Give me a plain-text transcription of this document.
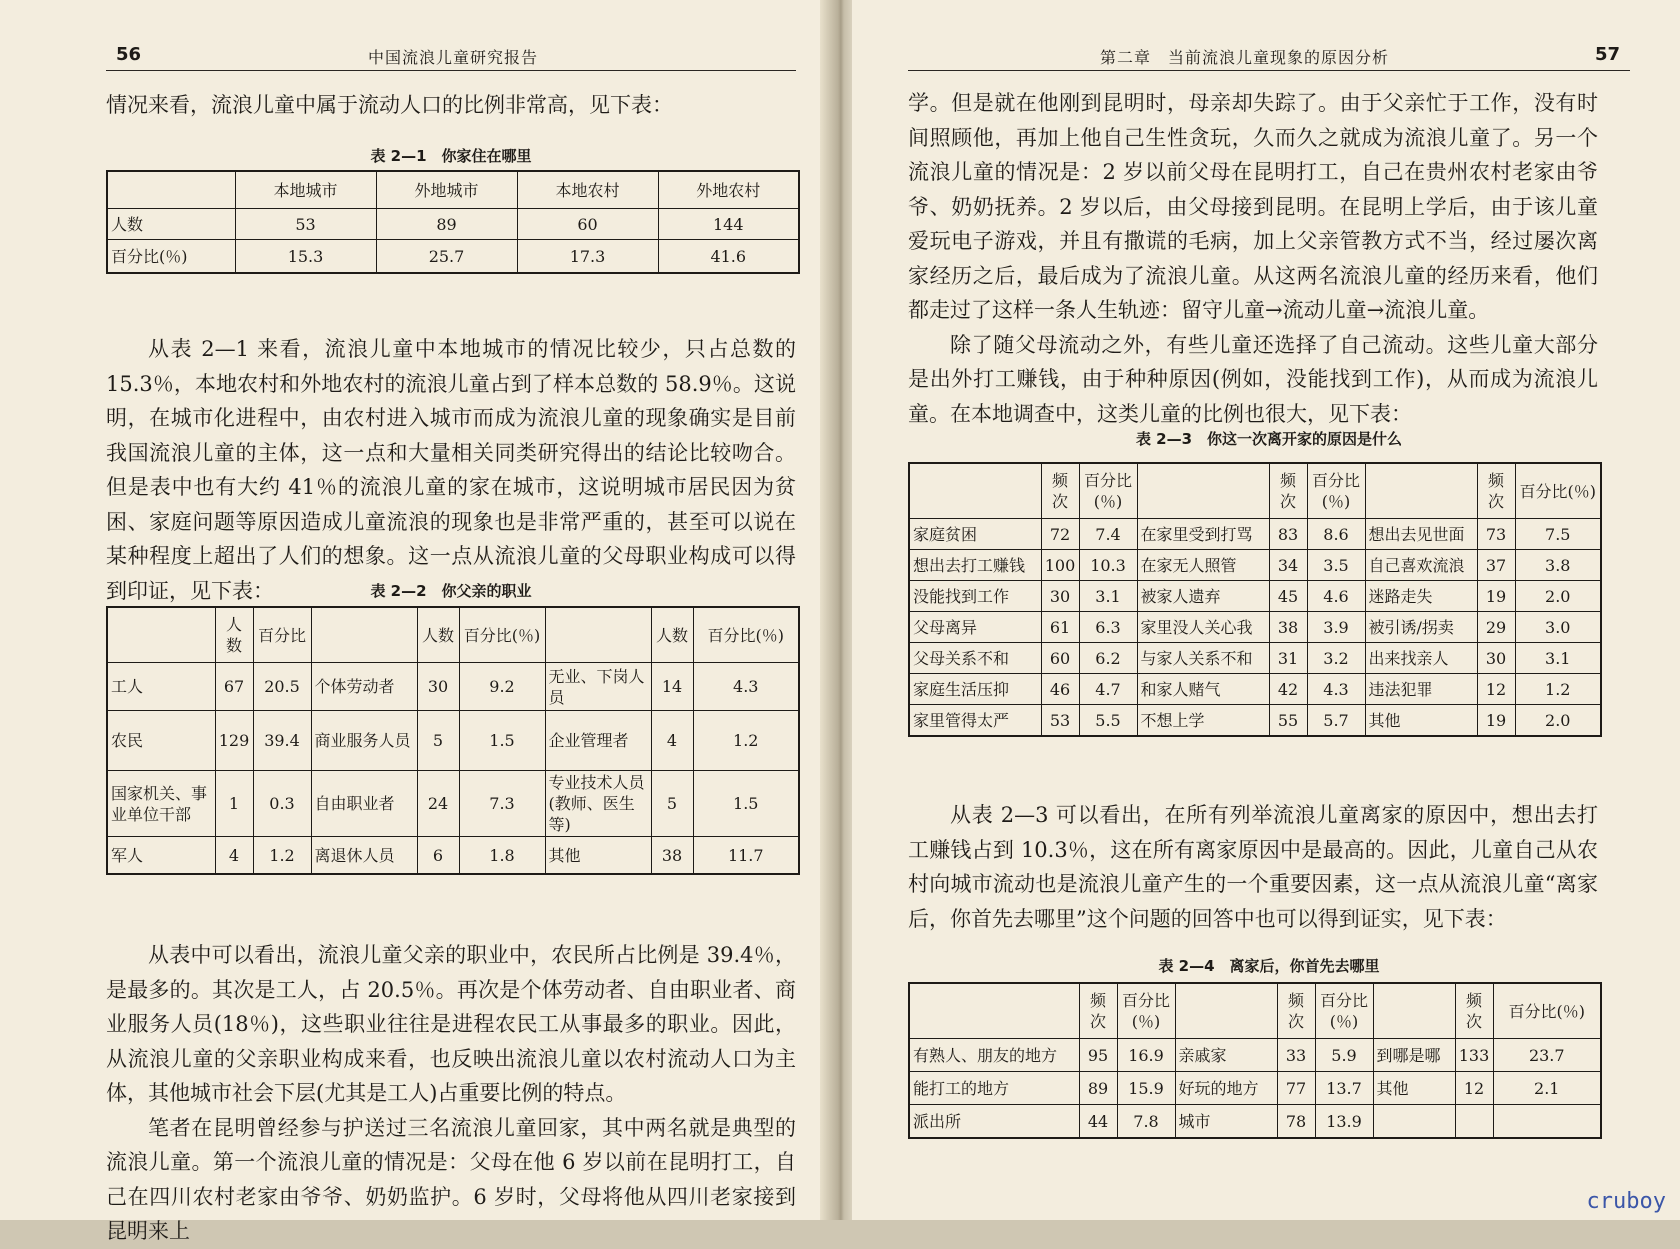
56	中国流浪儿童研究报告

情况来看，流浪儿童中属于流动人口的比例非常高，见下表：

表 2—1　你家住在哪里
	本地城市	外地城市	本地农村	外地农村
人数	53	89	60	144
百分比(％)	15.3	25.7	17.3	41.6

从表 2—1 来看，流浪儿童中本地城市的情况比较少，只占总数的 15.3％，本地农村和外地农村的流浪儿童占到了样本总数的 58.9％。这说明，在城市化进程中，由农村进入城市而成为流浪儿童的现象确实是目前我国流浪儿童的主体，这一点和大量相关同类研究得出的结论比较吻合。但是表中也有大约 41％的流浪儿童的家在城市，这说明城市居民因为贫困、家庭问题等原因造成儿童流浪的现象也是非常严重的，甚至可以说在某种程度上超出了人们的想象。这一点从流浪儿童的父母职业构成可以得到印证，见下表：	表 2—2　你父亲的职业
	人数	百分比		人数	百分比(％)		人数	百分比(％)
工人	67	20.5	个体劳动者	30	9.2	无业、下岗人员	14	4.3
农民	129	39.4	商业服务人员	5	1.5	企业管理者	4	1.2
国家机关、事业单位干部	1	0.3	自由职业者	24	7.3	专业技术人员(教师、医生等)	5	1.5
军人	4	1.2	离退休人员	6	1.8	其他	38	11.7

从表中可以看出，流浪儿童父亲的职业中，农民所占比例是 39.4％，是最多的。其次是工人，占 20.5％。再次是个体劳动者、自由职业者、商业服务人员(18％)，这些职业往往是进程农民工从事最多的职业。因此，从流浪儿童的父亲职业构成来看，也反映出流浪儿童以农村流动人口为主体，其他城市社会下层(尤其是工人)占重要比例的特点。

笔者在昆明曾经参与护送过三名流浪儿童回家，其中两名就是典型的流浪儿童。第一个流浪儿童的情况是：父母在他 6 岁以前在昆明打工，自己在四川农村老家由爷爷、奶奶监护。6 岁时，父母将他从四川老家接到昆明来上

第二章　当前流浪儿童现象的原因分析	57

学。但是就在他刚到昆明时，母亲却失踪了。由于父亲忙于工作，没有时间照顾他，再加上他自己生性贪玩，久而久之就成为流浪儿童了。另一个流浪儿童的情况是：2 岁以前父母在昆明打工，自己在贵州农村老家由爷爷、奶奶抚养。2 岁以后，由父母接到昆明。在昆明上学后，由于该儿童爱玩电子游戏，并且有撒谎的毛病，加上父亲管教方式不当，经过屡次离家经历之后，最后成为了流浪儿童。从这两名流浪儿童的经历来看，他们都走过了这样一条人生轨迹：留守儿童→流动儿童→流浪儿童。

除了随父母流动之外，有些儿童还选择了自己流动。这些儿童大部分是出外打工赚钱，由于种种原因(例如，没能找到工作)，从而成为流浪儿童。在本地调查中，这类儿童的比例也很大，见下表：

表 2—3　你这一次离开家的原因是什么
	频次	百分比(％)		频次	百分比(％)		频次	百分比(％)
家庭贫困	72	7.4	在家里受到打骂	83	8.6	想出去见世面	73	7.5
想出去打工赚钱	100	10.3	在家无人照管	34	3.5	自己喜欢流浪	37	3.8
没能找到工作	30	3.1	被家人遗弃	45	4.6	迷路走失	19	2.0
父母离异	61	6.3	家里没人关心我	38	3.9	被引诱/拐卖	29	3.0
父母关系不和	60	6.2	与家人关系不和	31	3.2	出来找亲人	30	3.1
家庭生活压抑	46	4.7	和家人赌气	42	4.3	违法犯罪	12	1.2
家里管得太严	53	5.5	不想上学	55	5.7	其他	19	2.0

从表 2—3 可以看出，在所有列举流浪儿童离家的原因中，想出去打工赚钱占到 10.3％，这在所有离家原因中是最高的。因此，儿童自己从农村向城市流动也是流浪儿童产生的一个重要因素，这一点从流浪儿童“离家后，你首先去哪里”这个问题的回答中也可以得到证实，见下表：

表 2—4　离家后，你首先去哪里
	频次	百分比(％)		频次	百分比(％)		频次	百分比(％)
有熟人、朋友的地方	95	16.9	亲戚家	33	5.9	到哪是哪	133	23.7
能打工的地方	89	15.9	好玩的地方	77	13.7	其他	12	2.1
派出所	44	7.8	城市	78	13.9			
cruboy
